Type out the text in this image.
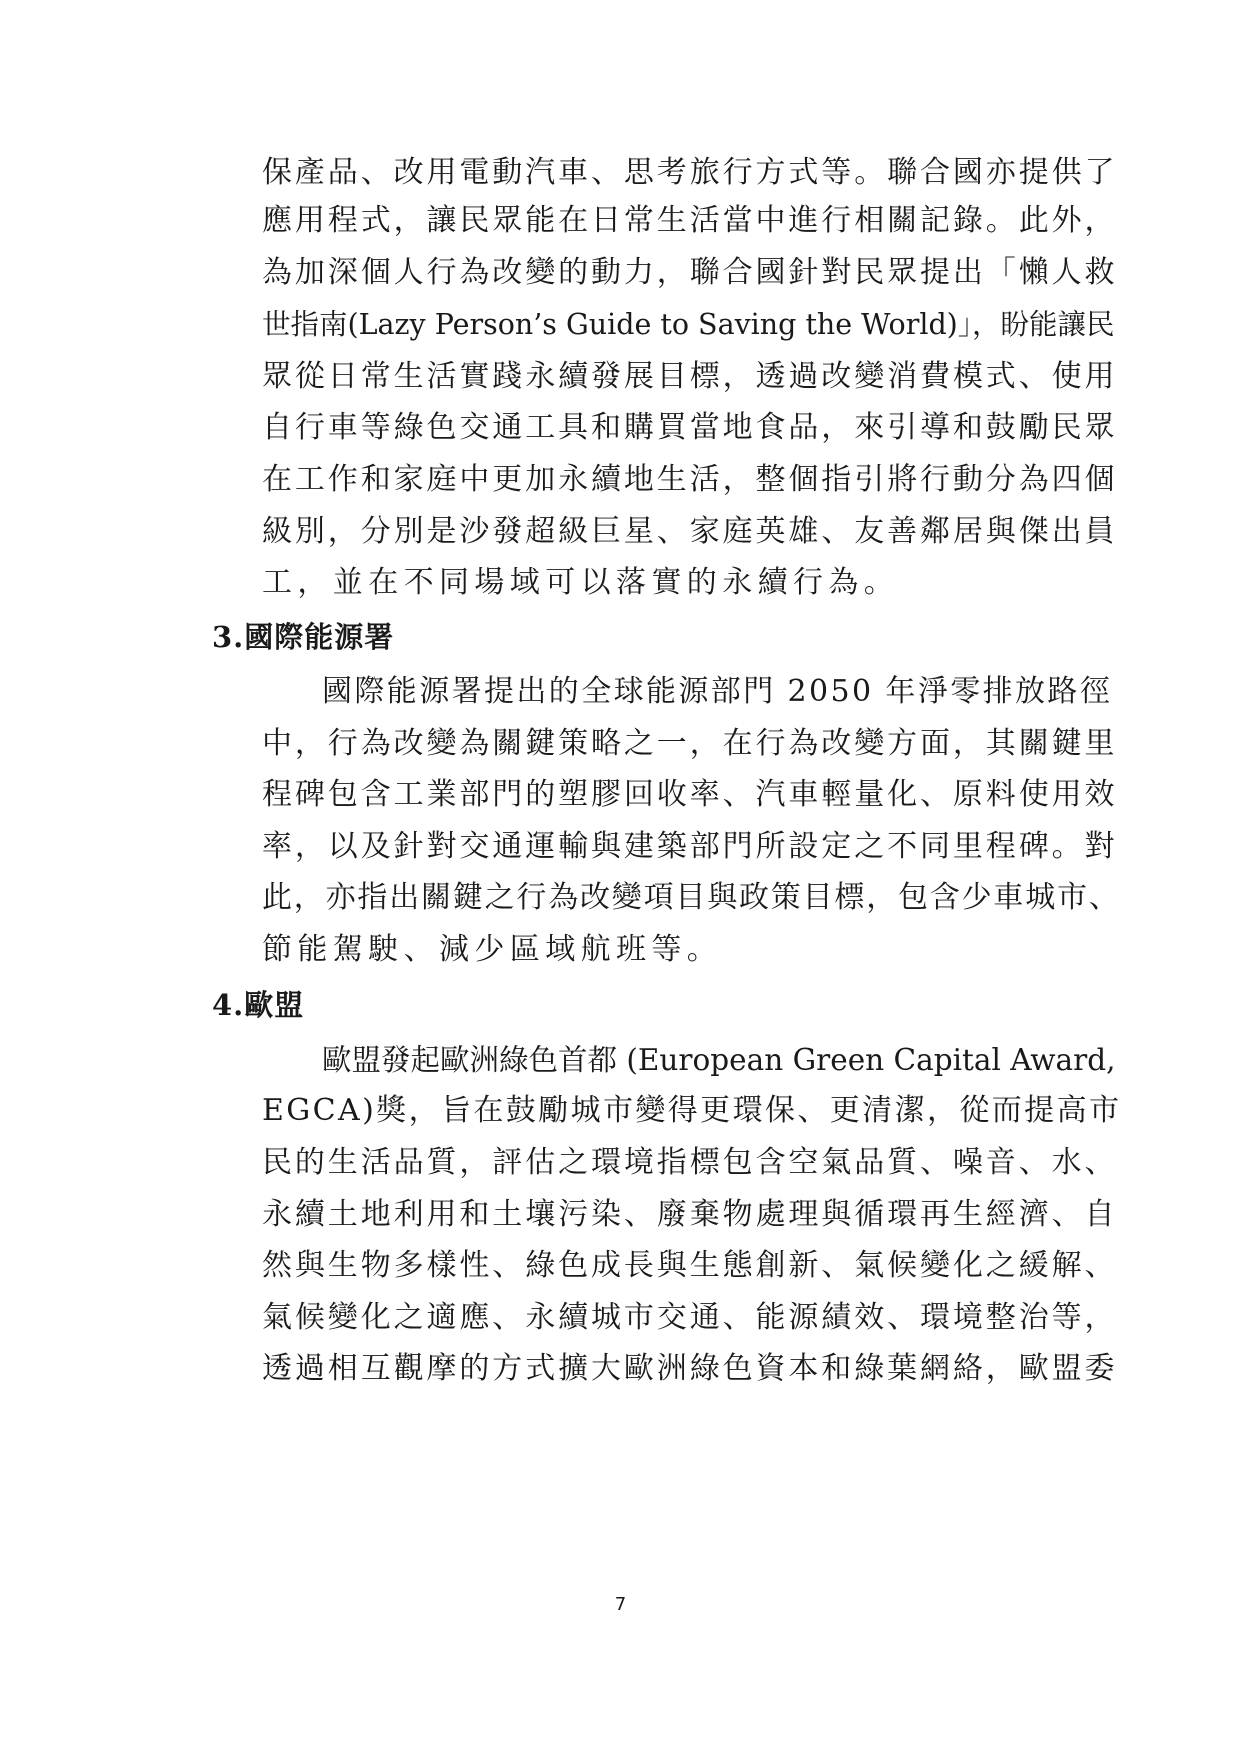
保產品、改用電動汽車、思考旅行方式等。聯合國亦提供了
應用程式，讓民眾能在日常生活當中進行相關記錄。此外，
為加深個人行為改變的動力，聯合國針對民眾提出「懶人救
世指南(Lazy Person’s Guide to Saving the World)」，盼能讓民
眾從日常生活實踐永續發展目標，透過改變消費模式、使用
自行車等綠色交通工具和購買當地食品，來引導和鼓勵民眾
在工作和家庭中更加永續地生活，整個指引將行動分為四個
級別，分別是沙發超級巨星、家庭英雄、友善鄰居與傑出員
工，並在不同場域可以落實的永續行為。
3.國際能源署
國際能源署提出的全球能源部門 2050 年淨零排放路徑
中，行為改變為關鍵策略之一，在行為改變方面，其關鍵里
程碑包含工業部門的塑膠回收率、汽車輕量化、原料使用效
率，以及針對交通運輸與建築部門所設定之不同里程碑。對
此，亦指出關鍵之行為改變項目與政策目標，包含少車城市、
節能駕駛、減少區域航班等。
4.歐盟
歐盟發起歐洲綠色首都 (European Green Capital Award,
EGCA)獎，旨在鼓勵城市變得更環保、更清潔，從而提高市
民的生活品質，評估之環境指標包含空氣品質、噪音、水、
永續土地利用和土壤污染、廢棄物處理與循環再生經濟、自
然與生物多樣性、綠色成長與生態創新、氣候變化之緩解、
氣候變化之適應、永續城市交通、能源績效、環境整治等，
透過相互觀摩的方式擴大歐洲綠色資本和綠葉網絡，歐盟委
7
